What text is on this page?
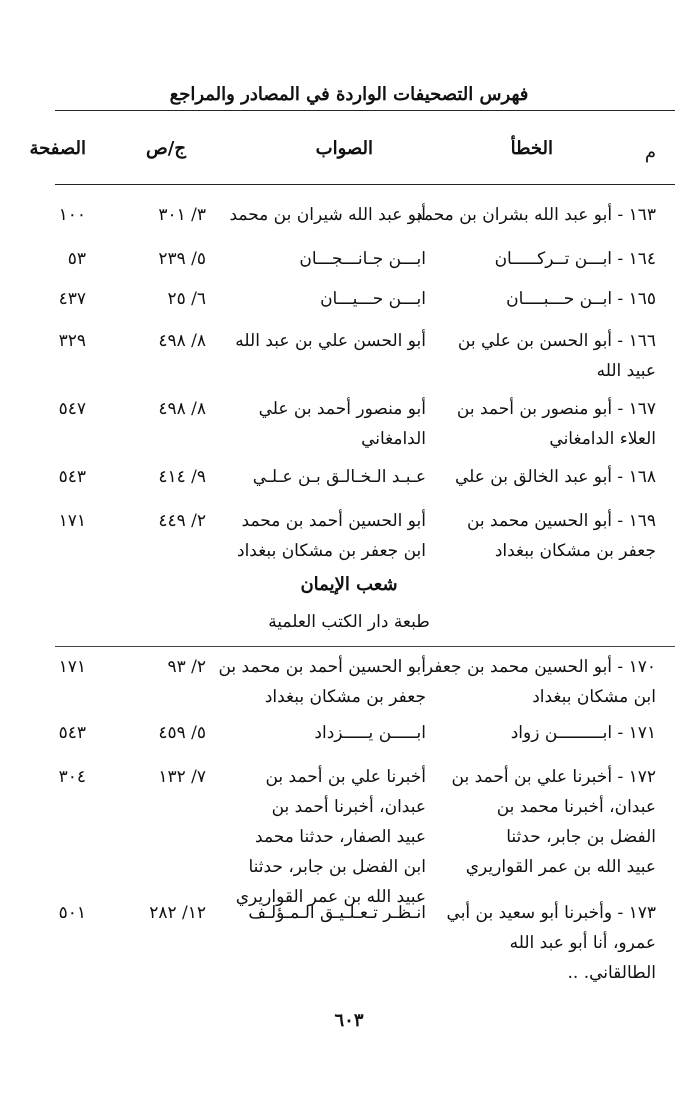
فهرس التصحيفات الواردة في المصادر والمراجع
م
الخطأ
الصواب
ج/ص
الصفحة
١٦٣ - أبو عبد الله بشران بن محمد
أبو عبد الله شيران بن محمد
٣/ ٣٠١
١٠٠
١٦٤ - ابـــن تــركـــــان
ابـــن جـانـــجـــان
٥/ ٢٣٩
٥٣
١٦٥ - ابــن حـــبــــان
ابـــن حـــيـــان
٦/ ٢٥
٤٣٧
١٦٦ - أبو الحسن بن علي بن
عبيد الله
أبو الحسن علي بن عبد الله
٨/ ٤٩٨
٣٢٩
١٦٧ - أبو منصور بن أحمد بن
العلاء الدامغاني
أبو منصور أحمد بن علي
الدامغاني
٨/ ٤٩٨
٥٤٧
١٦٨ - أبو عبد الخالق بن علي
عـبـد الـخـالـق بـن عـلـي
٩/ ٤١٤
٥٤٣
١٦٩ - أبو الحسين محمد بن
جعفر بن مشكان ببغداد
أبو الحسين أحمد بن محمد
ابن جعفر بن مشكان ببغداد
٢/ ٤٤٩
١٧١
شعب الإيمان
طبعة دار الكتب العلمية
١٧٠ - أبو الحسين محمد بن جعفر
ابن مشكان ببغداد
أبو الحسين أحمد بن محمد بن
جعفر بن مشكان ببغداد
٢/ ٩٣
١٧١
١٧١ - ابـــــــــن زواد
ابـــــن يـــــزداد
٥/ ٤٥٩
٥٤٣
١٧٢ - أخبرنا علي بن أحمد بن
عبدان، أخبرنا محمد بن
الفضل بن جابر، حدثنا
عبيد الله بن عمر القواريري
أخبرنا علي بن أحمد بن
عبدان، أخبرنا أحمد بن
عبيد الصفار، حدثنا محمد
ابن الفضل بن جابر، حدثنا
عبيد الله بن عمر القواريري
٧/ ١٣٢
٣٠٤
١٧٣ - وأخبرنا أبو سعيد بن أبي
عمرو، أنا أبو عبد الله
الطالقاني. ..
انـظـر تـعـلـيـق الـمـؤلـف
١٢/ ٢٨٢
٥٠١
٦٠٣
